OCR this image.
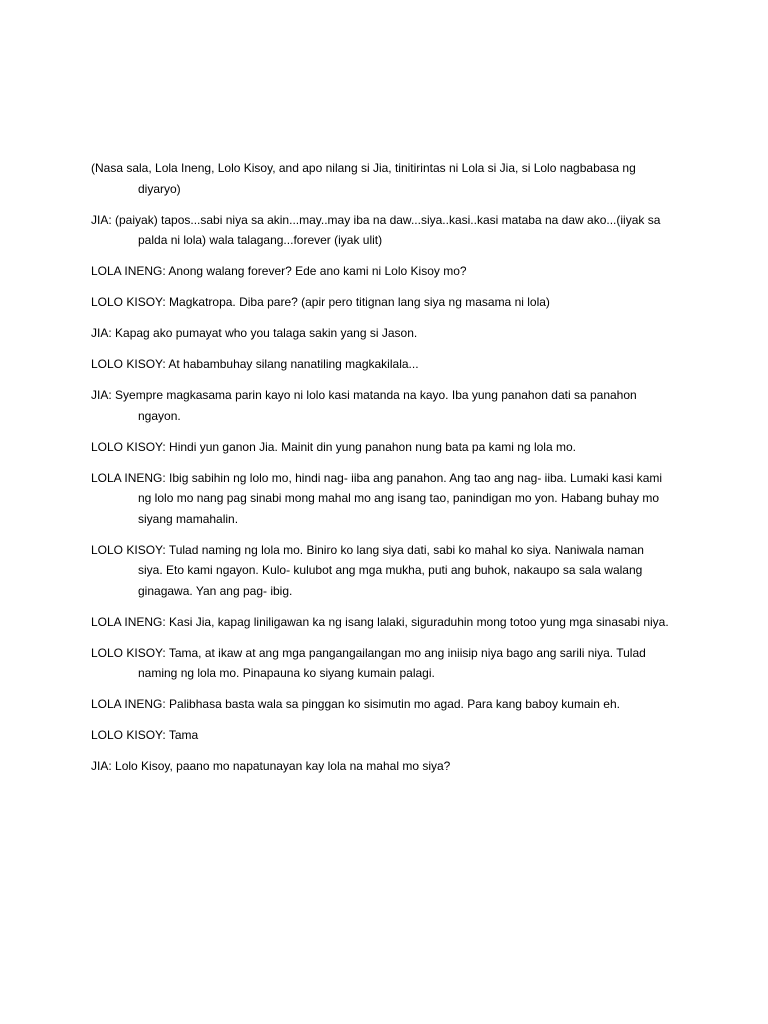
(Nasa sala, Lola Ineng, Lolo Kisoy, and apo nilang si Jia, tinitirintas ni Lola si Jia, si Lolo nagbabasa ng diyaryo)

JIA: (paiyak) tapos...sabi niya sa akin...may..may iba na daw...siya..kasi..kasi mataba na daw ako...(iiyak sa palda ni lola) wala talagang...forever (iyak ulit)

LOLA INENG: Anong walang forever? Ede ano kami ni Lolo Kisoy mo?

LOLO KISOY: Magkatropa. Diba pare? (apir pero titignan lang siya ng masama ni lola)

JIA: Kapag ako pumayat who you talaga sakin yang si Jason.

LOLO KISOY: At habambuhay silang nanatiling magkakilala...

JIA: Syempre magkasama parin kayo ni lolo kasi matanda na kayo. Iba yung panahon dati sa panahon ngayon.

LOLO KISOY: Hindi yun ganon Jia. Mainit din yung panahon nung bata pa kami ng lola mo.

LOLA INENG: Ibig sabihin ng lolo mo, hindi nag- iiba ang panahon. Ang tao ang nag- iiba. Lumaki kasi kami ng lolo mo nang pag sinabi mong mahal mo ang isang tao, panindigan mo yon. Habang buhay mo siyang mamahalin.

LOLO KISOY: Tulad naming ng lola mo. Biniro ko lang siya dati, sabi ko mahal ko siya. Naniwala naman siya. Eto kami ngayon. Kulo- kulubot ang mga mukha, puti ang buhok, nakaupo sa sala walang ginagawa. Yan ang pag- ibig.

LOLA INENG: Kasi Jia, kapag liniligawan ka ng isang lalaki, siguraduhin mong totoo yung mga sinasabi niya.

LOLO KISOY: Tama, at ikaw at ang mga pangangailangan mo ang iniisip niya bago ang sarili niya. Tulad naming ng lola mo. Pinapauna ko siyang kumain palagi.

LOLA INENG: Palibhasa basta wala sa pinggan ko sisimutin mo agad. Para kang baboy kumain eh.

LOLO KISOY: Tama

JIA: Lolo Kisoy, paano mo napatunayan kay lola na mahal mo siya?
